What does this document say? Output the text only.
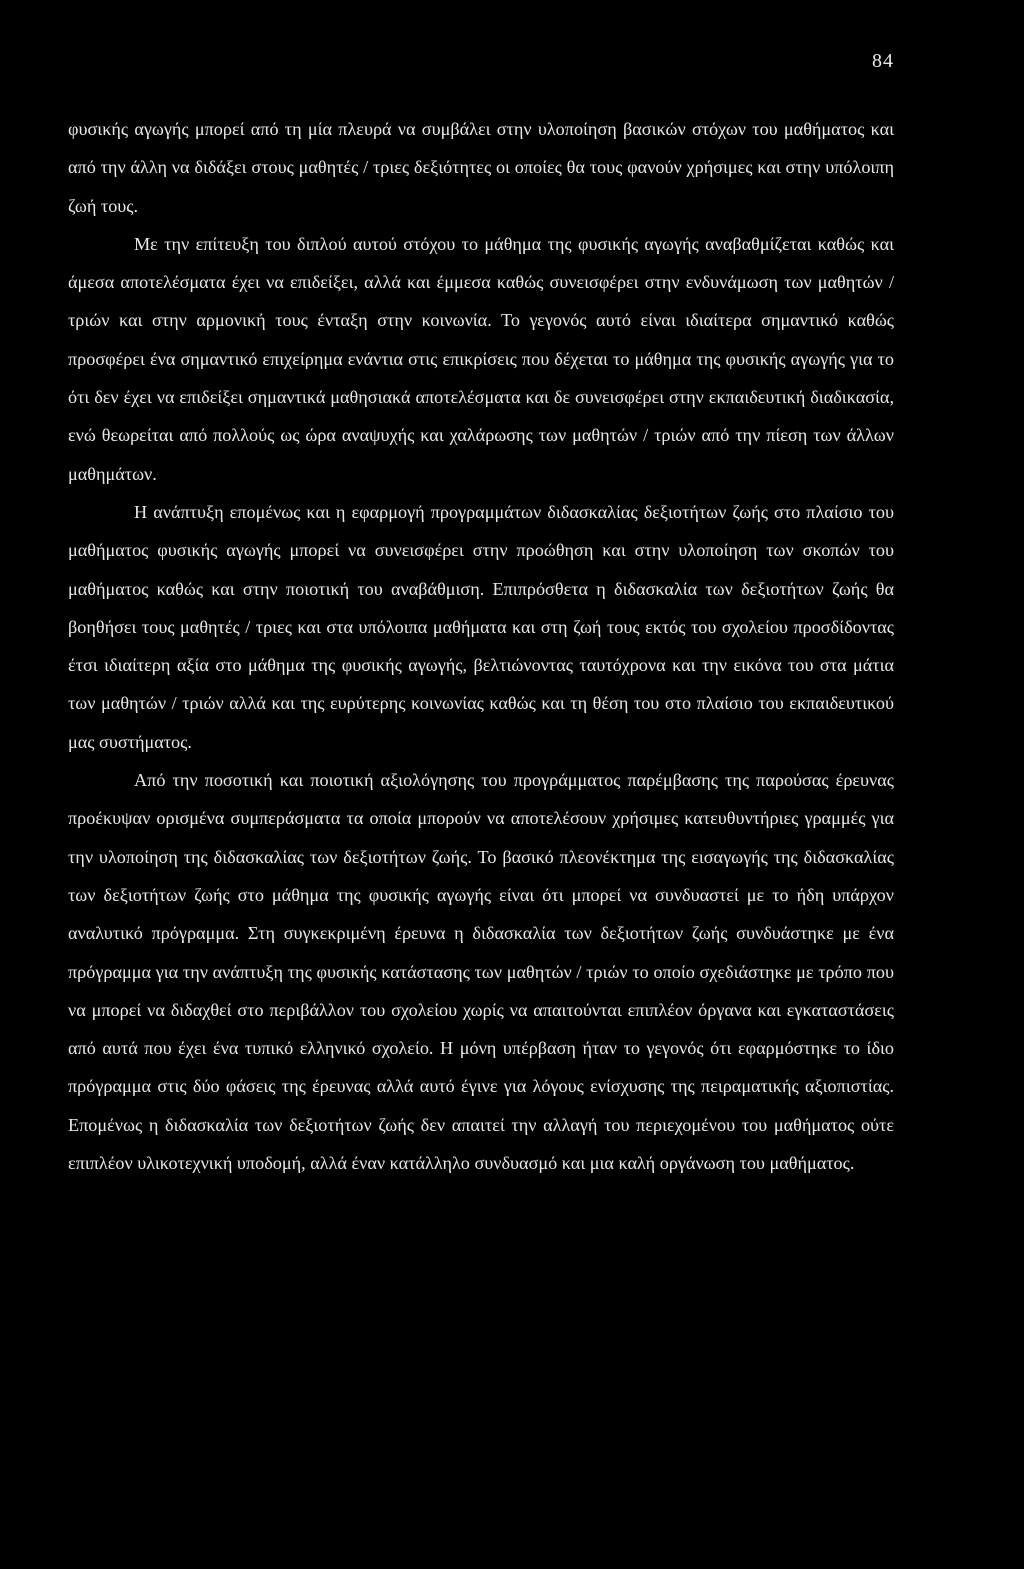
84

φυσικής αγωγής μπορεί από τη μία πλευρά να συμβάλει στην υλοποίηση βασικών στόχων του μαθήματος και από την άλλη να διδάξει στους μαθητές / τριες δεξιότητες οι οποίες θα τους φανούν χρήσιμες και στην υπόλοιπη ζωή τους.

Με την επίτευξη του διπλού αυτού στόχου το μάθημα της φυσικής αγωγής αναβαθμίζεται καθώς και άμεσα αποτελέσματα έχει να επιδείξει, αλλά και έμμεσα καθώς συνεισφέρει στην ενδυνάμωση των μαθητών / τριών και στην αρμονική τους ένταξη στην κοινωνία. Το γεγονός αυτό είναι ιδιαίτερα σημαντικό καθώς προσφέρει ένα σημαντικό επιχείρημα ενάντια στις επικρίσεις που δέχεται το μάθημα της φυσικής αγωγής για το ότι δεν έχει να επιδείξει σημαντικά μαθησιακά αποτελέσματα και δε συνεισφέρει στην εκπαιδευτική διαδικασία, ενώ θεωρείται από πολλούς ως ώρα αναψυχής και χαλάρωσης των μαθητών / τριών από την πίεση των άλλων μαθημάτων.

Η ανάπτυξη επομένως και η εφαρμογή προγραμμάτων διδασκαλίας δεξιοτήτων ζωής στο πλαίσιο του μαθήματος φυσικής αγωγής μπορεί να συνεισφέρει στην προώθηση και στην υλοποίηση των σκοπών του μαθήματος καθώς και στην ποιοτική του αναβάθμιση. Επιπρόσθετα η διδασκαλία των δεξιοτήτων ζωής θα βοηθήσει τους μαθητές / τριες και στα υπόλοιπα μαθήματα και στη ζωή τους εκτός του σχολείου προσδίδοντας έτσι ιδιαίτερη αξία στο μάθημα της φυσικής αγωγής, βελτιώνοντας ταυτόχρονα και την εικόνα του στα μάτια των μαθητών / τριών αλλά και της ευρύτερης κοινωνίας καθώς και τη θέση του στο πλαίσιο του εκπαιδευτικού μας συστήματος.

Από την ποσοτική και ποιοτική αξιολόγησης του προγράμματος παρέμβασης της παρούσας έρευνας προέκυψαν ορισμένα συμπεράσματα τα οποία μπορούν να αποτελέσουν χρήσιμες κατευθυντήριες γραμμές για την υλοποίηση της διδασκαλίας των δεξιοτήτων ζωής. Το βασικό πλεονέκτημα της εισαγωγής της διδασκαλίας των δεξιοτήτων ζωής στο μάθημα της φυσικής αγωγής είναι ότι μπορεί να συνδυαστεί με το ήδη υπάρχον αναλυτικό πρόγραμμα. Στη συγκεκριμένη έρευνα η διδασκαλία των δεξιοτήτων ζωής συνδυάστηκε με ένα πρόγραμμα για την ανάπτυξη της φυσικής κατάστασης των μαθητών / τριών το οποίο σχεδιάστηκε με τρόπο που να μπορεί να διδαχθεί στο περιβάλλον του σχολείου χωρίς να απαιτούνται επιπλέον όργανα και εγκαταστάσεις από αυτά που έχει ένα τυπικό ελληνικό σχολείο. Η μόνη υπέρβαση ήταν το γεγονός ότι εφαρμόστηκε το ίδιο πρόγραμμα στις δύο φάσεις της έρευνας αλλά αυτό έγινε για λόγους ενίσχυσης της πειραματικής αξιοπιστίας. Επομένως η διδασκαλία των δεξιοτήτων ζωής δεν απαιτεί την αλλαγή του περιεχομένου του μαθήματος ούτε επιπλέον υλικοτεχνική υποδομή, αλλά έναν κατάλληλο συνδυασμό και μια καλή οργάνωση του μαθήματος.
